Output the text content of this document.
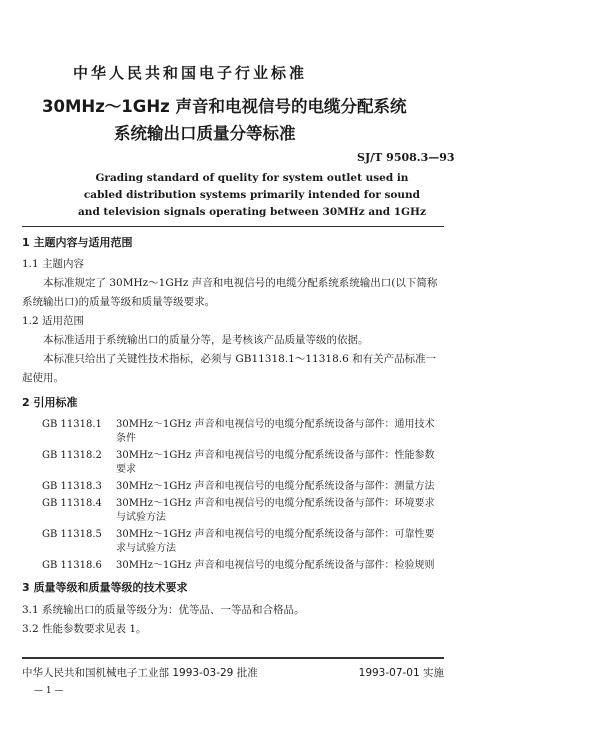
中华人民共和国电子行业标准
30MHz～1GHz 声音和电视信号的电缆分配系统
系统输出口质量分等标准
SJ/T 9508.3—93
Grading standard of quelity for system outlet used in
cabled distribution systems primarily intended for sound
and television signals operating between 30MHz and 1GHz
1 主题内容与适用范围
1.1 主题内容
本标准规定了 30MHz～1GHz 声音和电视信号的电缆分配系统系统输出口(以下简称系统输出口)的质量等级和质量等级要求。
1.2 适用范围
本标准适用于系统输出口的质量分等，是考核该产品质量等级的依据。
本标准只给出了关键性技术指标，必须与 GB11318.1～11318.6 和有关产品标准一起使用。
2 引用标准
GB 11318.1	30MHz～1GHz 声音和电视信号的电缆分配系统设备与部件：通用技术条件
GB 11318.2	30MHz～1GHz 声音和电视信号的电缆分配系统设备与部件：性能参数要求
GB 11318.3	30MHz～1GHz 声音和电视信号的电缆分配系统设备与部件：测量方法
GB 11318.4	30MHz～1GHz 声音和电视信号的电缆分配系统设备与部件：环境要求与试验方法
GB 11318.5	30MHz～1GHz 声音和电视信号的电缆分配系统设备与部件：可靠性要求与试验方法
GB 11318.6	30MHz～1GHz 声音和电视信号的电缆分配系统设备与部件：检验规则
3 质量等级和质量等级的技术要求
3.1 系统输出口的质量等级分为：优等品、一等品和合格品。
3.2 性能参数要求见表 1。
中华人民共和国机械电子工业部 1993-03-29 批准	1993-07-01 实施
— 1 —
